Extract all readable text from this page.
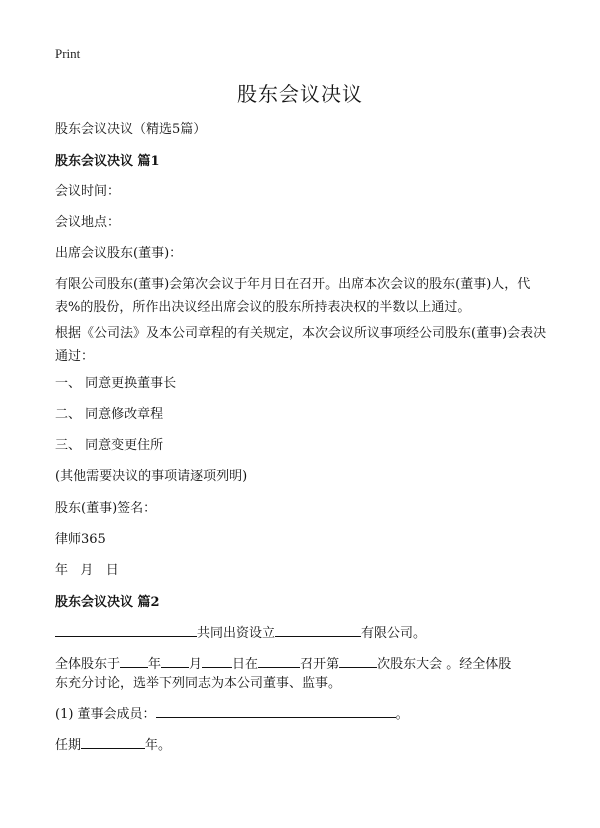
Print
股东会议决议
股东会议决议（精选5篇）
股东会议决议 篇1
会议时间：
会议地点：
出席会议股东(董事)：
有限公司股东(董事)会第次会议于年月日在召开。出席本次会议的股东(董事)人，代表%的股份，所作出决议经出席会议的股东所持表决权的半数以上通过。
根据《公司法》及本公司章程的有关规定，本次会议所议事项经公司股东(董事)会表决通过：
一、 同意更换董事长
二、 同意修改章程
三、 同意变更住所
(其他需要决议的事项请逐项列明)
股东(董事)签名：
律师365
年   月   日
股东会议决议 篇2
共同出资设立	有限公司。
全体股东于 年 月 日在	召开第	次股东大会 。经全体股
东充分讨论，选举下列同志为本公司董事、监事。
(1) 董事会成员：	。
任期	年。
